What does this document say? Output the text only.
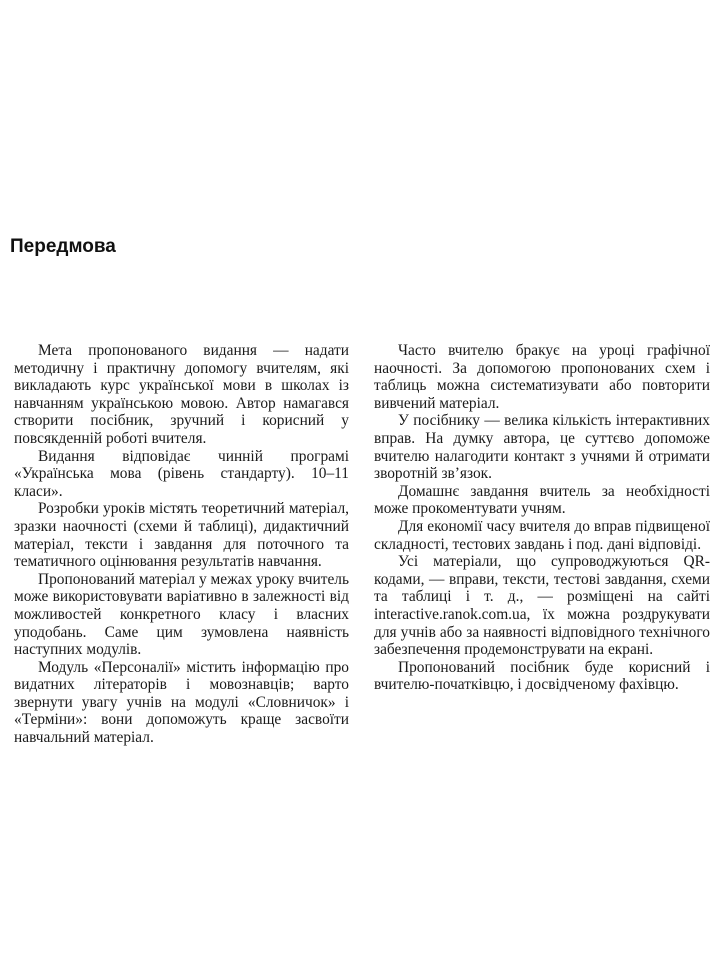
Передмова

Мета пропонованого видання — надати методичну і практичну допомогу вчителям, які викладають курс української мови в школах із навчанням українською мовою. Автор намагався створити посібник, зручний і корисний у повсякденній роботі вчителя.

Видання відповідає чинній програмі «Українська мова (рівень стандарту). 10–11 класи».

Розробки уроків містять теоретичний матеріал, зразки наочності (схеми й таблиці), дидактичний матеріал, тексти і завдання для поточного та тематичного оцінювання результатів навчання.

Пропонований матеріал у межах уроку вчитель може використовувати варіативно в залежності від можливостей конкретного класу і власних уподобань. Саме цим зумовлена наявність наступних модулів.

Модуль «Персоналії» містить інформацію про видатних літераторів і мовознавців; варто звернути увагу учнів на модулі «Словничок» і «Терміни»: вони допоможуть краще засвоїти навчальний матеріал.

Часто вчителю бракує на уроці графічної наочності. За допомогою пропонованих схем і таблиць можна систематизувати або повторити вивчений матеріал.

У посібнику — велика кількість інтерактивних вправ. На думку автора, це суттєво допоможе вчителю налагодити контакт з учнями й отримати зворотній зв’язок.

Домашнє завдання вчитель за необхідності може прокоментувати учням.

Для економії часу вчителя до вправ підвищеної складності, тестових завдань і под. дані відповіді.

Усі матеріали, що супроводжуються QR-кодами, — вправи, тексти, тестові завдання, схеми та таблиці і т. д., — розміщені на сайті interactive.ranok.com.ua, їх можна роздрукувати для учнів або за наявності відповідного технічного забезпечення продемонструвати на екрані.

Пропонований посібник буде корисний і вчителю-початківцю, і досвідченому фахівцю.
